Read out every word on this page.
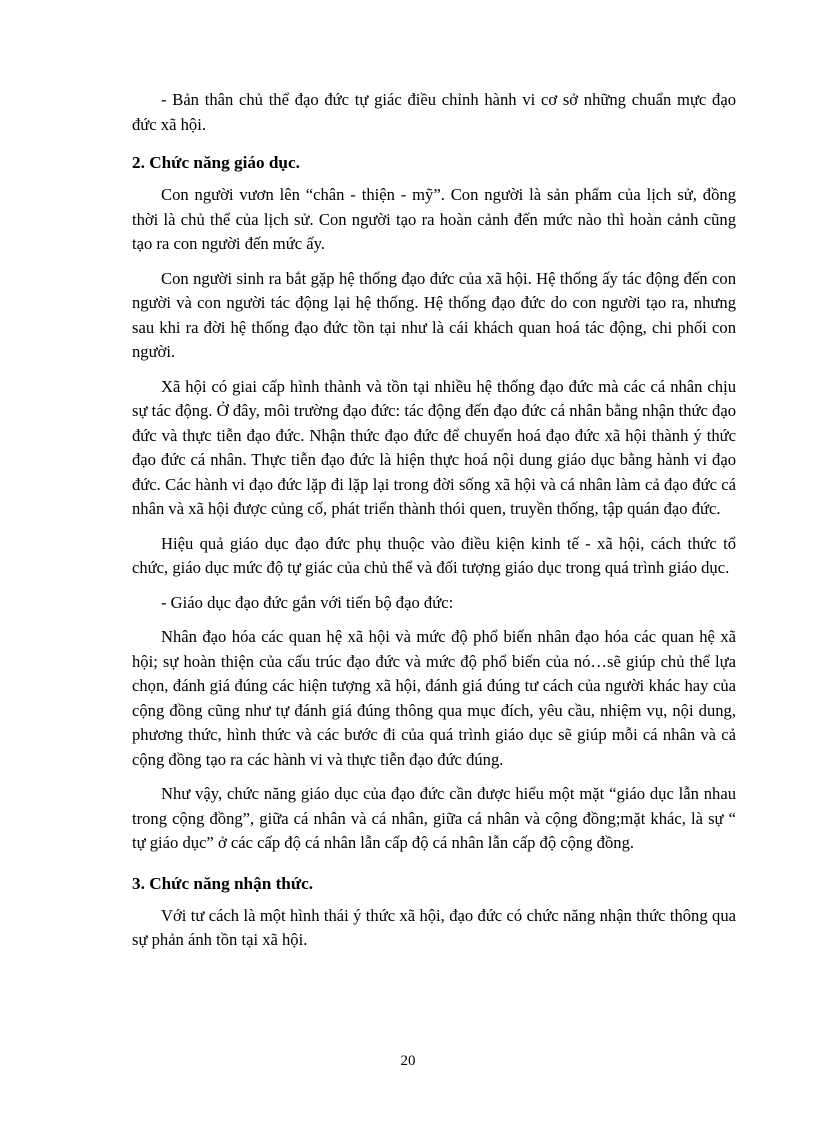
- Bản thân chủ thể đạo đức tự giác điều chỉnh hành vi cơ sở những chuẩn mực đạo đức xã hội.

2. Chức năng giáo dục.

Con người vươn lên “chân - thiện - mỹ”. Con người là sản phẩm của lịch sử, đồng thời là chủ thể của lịch sử. Con người tạo ra hoàn cảnh đến mức nào thì hoàn cảnh cũng tạo ra con người đến mức ấy.

Con người sinh ra bắt gặp hệ thống đạo đức của xã hội. Hệ thống ấy tác động đến con người và con người tác động lại hệ thống. Hệ thống đạo đức do con người tạo ra, nhưng sau khi ra đời hệ thống đạo đức tồn tại như là cái khách quan hoá tác động, chi phối con người.

Xã hội có giai cấp hình thành và tồn tại nhiều hệ thống đạo đức mà các cá nhân chịu sự tác động. Ở đây, môi trường đạo đức: tác động đến đạo đức cá nhân bằng nhận thức đạo đức và thực tiễn đạo đức. Nhận thức đạo đức để chuyển hoá đạo đức xã hội thành ý thức đạo đức cá nhân. Thực tiễn đạo đức là hiện thực hoá nội dung giáo dục bằng hành vi đạo đức. Các hành vi đạo đức lặp đi lặp lại trong đời sống xã hội và cá nhân làm cả đạo đức cá nhân và xã hội được củng cố, phát triển thành thói quen, truyền thống, tập quán đạo đức.

Hiệu quả giáo dục đạo đức phụ thuộc vào điều kiện kinh tế - xã hội, cách thức tổ chức, giáo dục mức độ tự giác của chủ thể và đối tượng giáo dục trong quá trình giáo dục.

- Giáo dục đạo đức gắn với tiến bộ đạo đức:

Nhân đạo hóa các quan hệ xã hội và mức độ phổ biến nhân đạo hóa các quan hệ xã hội; sự hoàn thiện của cấu trúc đạo đức và mức độ phổ biến của nó…sẽ giúp chủ thể lựa chọn, đánh giá đúng các hiện tượng xã hội, đánh giá đúng tư cách của người khác hay của cộng đồng cũng như tự đánh giá đúng thông qua mục đích, yêu cầu, nhiệm vụ, nội dung, phương thức, hình thức và các bước đi của quá trình giáo dục sẽ giúp mỗi cá nhân và cả cộng đồng tạo ra các hành vi và thực tiễn đạo đức đúng.

Như vậy, chức năng giáo dục của đạo đức cần được hiểu một mặt “giáo dục lẫn nhau trong cộng đồng”, giữa cá nhân và cá nhân, giữa cá nhân và cộng đồng;mặt khác, là sự “ tự giáo dục” ở các cấp độ cá nhân lẫn cấp độ cá nhân lẫn cấp độ cộng đồng.

3. Chức năng nhận thức.

Với tư cách là một hình thái ý thức xã hội, đạo đức có chức năng nhận thức thông qua sự phản ánh tồn tại xã hội.

20
